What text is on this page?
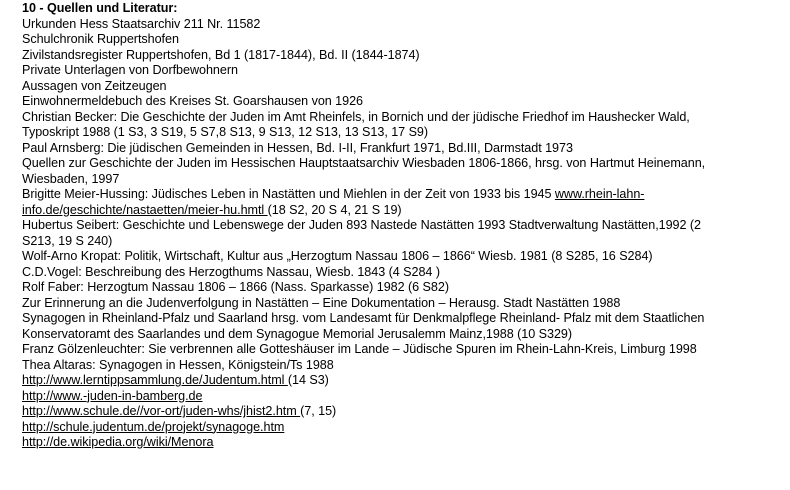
10 - Quellen und Literatur:
Urkunden Hess Staatsarchiv 211 Nr. 11582
Schulchronik Ruppertshofen
Zivilstandsregister Ruppertshofen, Bd 1 (1817-1844), Bd. II (1844-1874)
Private Unterlagen von Dorfbewohnern
Aussagen von Zeitzeugen
Einwohnermeldebuch des Kreises St. Goarshausen von 1926
Christian Becker: Die Geschichte der Juden im Amt Rheinfels, in Bornich und der jüdische Friedhof im Haushecker Wald,
Typoskript 1988 (1 S3, 3 S19, 5 S7,8 S13, 9 S13, 12 S13, 13 S13, 17 S9)
Paul Arnsberg: Die jüdischen Gemeinden in Hessen, Bd. I-II, Frankfurt 1971, Bd.III, Darmstadt 1973
Quellen zur Geschichte der Juden im Hessischen Hauptstaatsarchiv Wiesbaden 1806-1866, hrsg. von Hartmut Heinemann,
Wiesbaden, 1997
Brigitte Meier-Hussing: Jüdisches Leben in Nastätten und Miehlen in der Zeit von 1933 bis 1945 www.rhein-lahn-
info.de/geschichte/nastaetten/meier-hu.hmtl (18 S2, 20 S 4, 21 S 19)
Hubertus Seibert: Geschichte und Lebenswege der Juden 893 Nastede Nastätten 1993 Stadtverwaltung Nastätten,1992 (2
S213, 19 S 240)
Wolf-Arno Kropat: Politik, Wirtschaft, Kultur aus „Herzogtum Nassau 1806 – 1866“ Wiesb. 1981 (8 S285, 16 S284)
C.D.Vogel: Beschreibung des Herzogthums Nassau, Wiesb. 1843 (4 S284 )
Rolf Faber: Herzogtum Nassau 1806 – 1866 (Nass. Sparkasse) 1982 (6 S82)
Zur Erinnerung an die Judenverfolgung in Nastätten – Eine Dokumentation – Herausg. Stadt Nastätten 1988
Synagogen in Rheinland-Pfalz und Saarland hrsg. vom Landesamt für Denkmalpflege Rheinland- Pfalz mit dem Staatlichen
Konservatoramt des Saarlandes und dem Synagogue Memorial Jerusalemm Mainz,1988 (10 S329)
Franz Gölzenleuchter: Sie verbrennen alle Gotteshäuser im Lande – Jüdische Spuren im Rhein-Lahn-Kreis, Limburg 1998
Thea Altaras: Synagogen in Hessen, Königstein/Ts 1988
http://www.lerntippsammlung.de/Judentum.html (14 S3)
http://www.-juden-in-bamberg.de
http://www.schule.de//vor-ort/juden-whs/jhist2.htm (7, 15)
http://schule.judentum.de/projekt/synagoge.htm
http://de.wikipedia.org/wiki/Menora
